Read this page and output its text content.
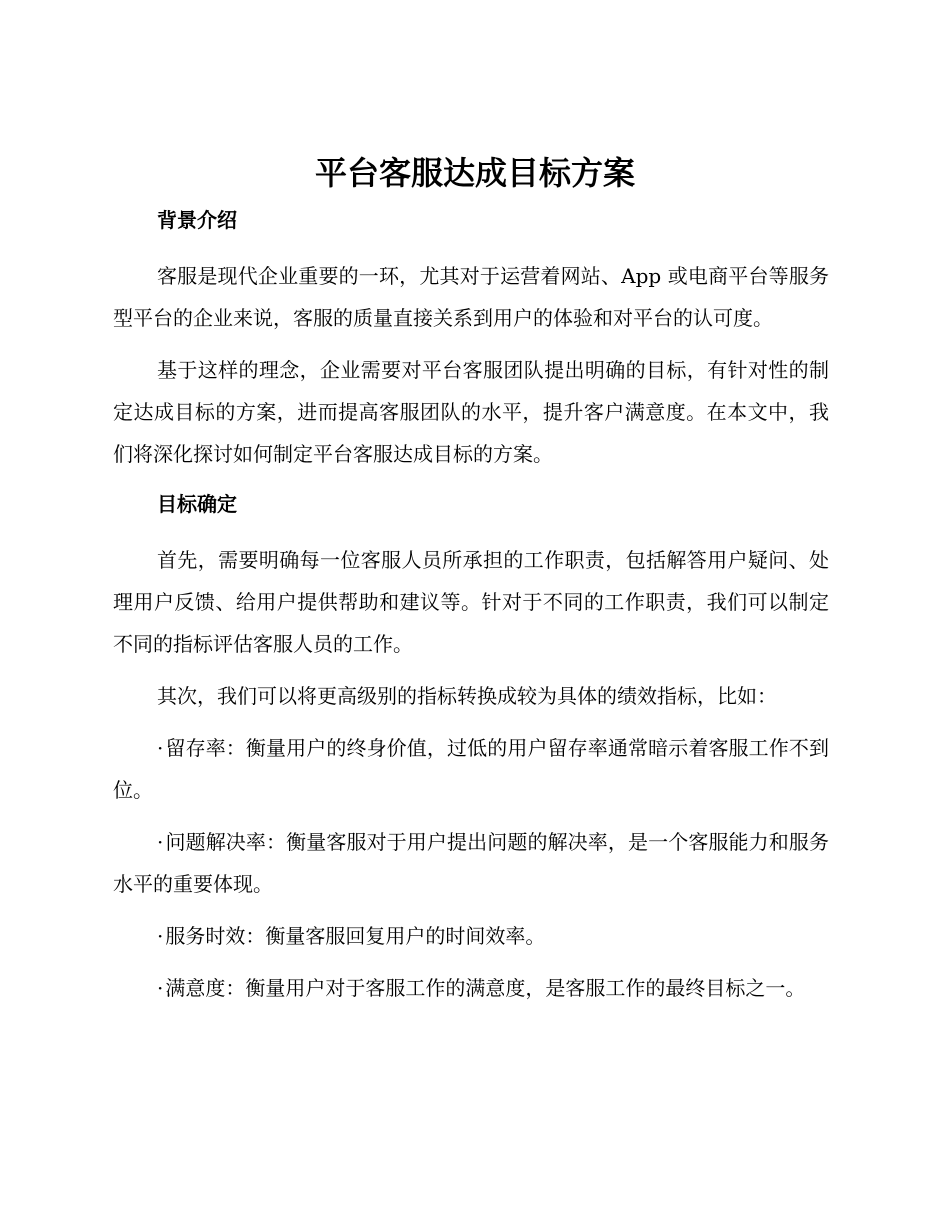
平台客服达成目标方案
背景介绍

客服是现代企业重要的一环，尤其对于运营着网站、App 或电商平台等服务型平台的企业来说，客服的质量直接关系到用户的体验和对平台的认可度。

基于这样的理念，企业需要对平台客服团队提出明确的目标，有针对性的制定达成目标的方案，进而提高客服团队的水平，提升客户满意度。在本文中，我们将深化探讨如何制定平台客服达成目标的方案。

目标确定

首先，需要明确每一位客服人员所承担的工作职责，包括解答用户疑问、处理用户反馈、给用户提供帮助和建议等。针对于不同的工作职责，我们可以制定不同的指标评估客服人员的工作。

其次，我们可以将更高级别的指标转换成较为具体的绩效指标，比如：

· 留存率：衡量用户的终身价值，过低的用户留存率通常暗示着客服工作不到位。

· 问题解决率：衡量客服对于用户提出问题的解决率，是一个客服能力和服务水平的重要体现。

· 服务时效：衡量客服回复用户的时间效率。

· 满意度：衡量用户对于客服工作的满意度，是客服工作的最终目标之一。
